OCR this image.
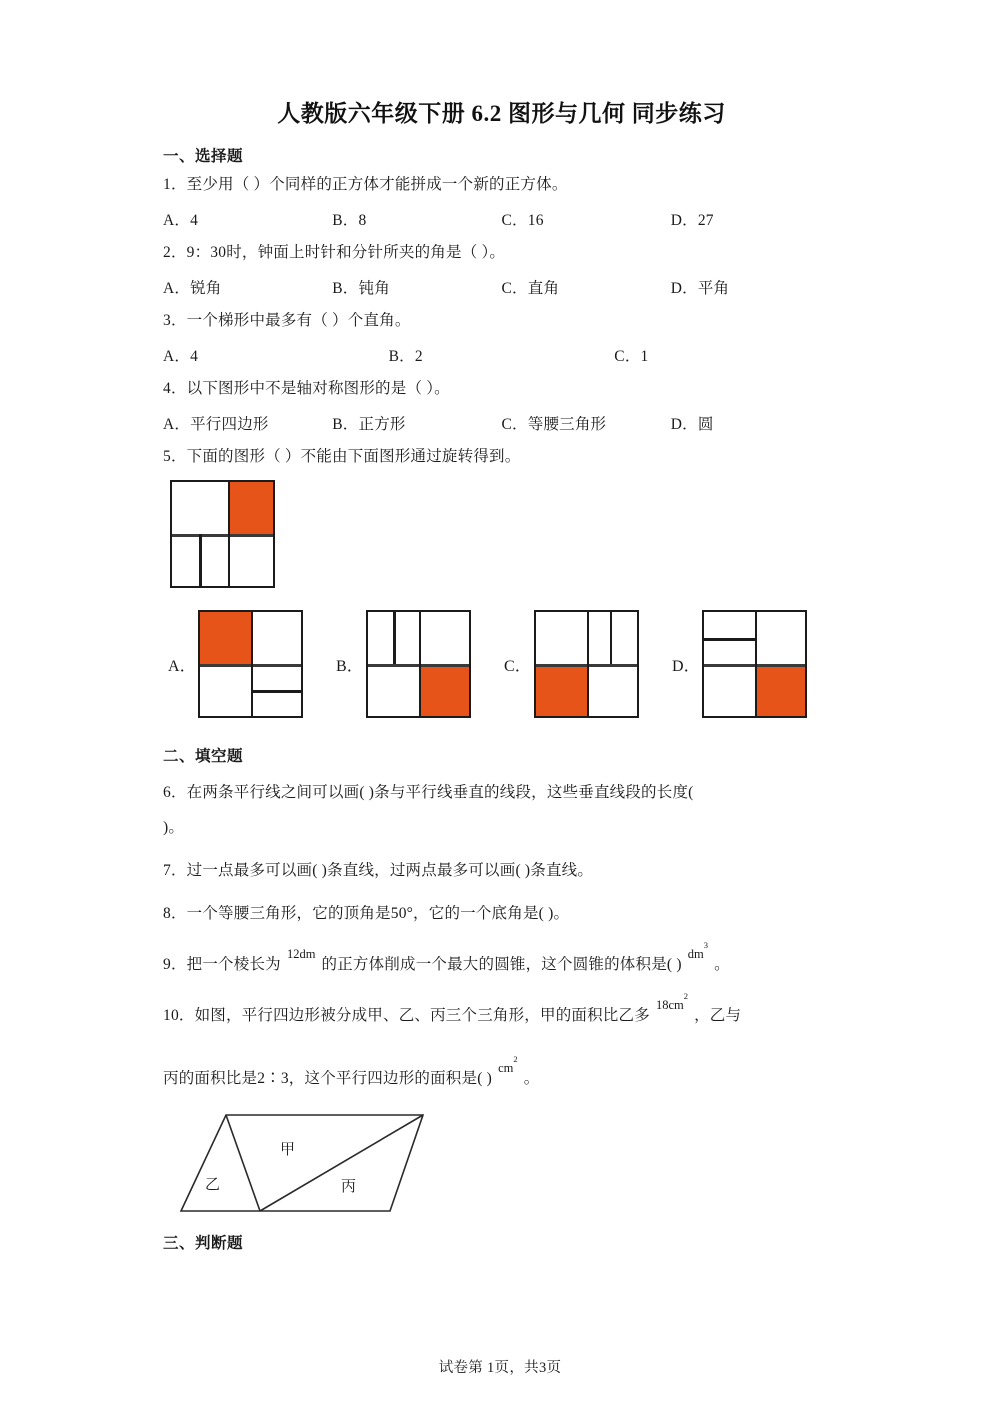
人教版六年级下册 6.2 图形与几何 同步练习
一、选择题
1．至少用（ ）个同样的正方体才能拼成一个新的正方体。
A．4	B．8	C．16	D．27
2．9：30时，钟面上时针和分针所夹的角是（ ）。
A．锐角	B．钝角	C．直角	D．平角
3．一个梯形中最多有（ ）个直角。
A．4	B．2	C．1
4．以下图形中不是轴对称图形的是（ ）。
A．平行四边形	B．正方形	C．等腰三角形	D．圆
5．下面的图形（ ）不能由下面图形通过旋转得到。
A．	B．	C．	D．
二、填空题
6．在两条平行线之间可以画( )条与平行线垂直的线段，这些垂直线段的长度(
)。
7．过一点最多可以画( )条直线，过两点最多可以画( )条直线。
8．一个等腰三角形，它的顶角是50°，它的一个底角是( )。
9．把一个棱长为 12dm 的正方体削成一个最大的圆锥，这个圆锥的体积是( ) $dm^3$ 。
10．如图，平行四边形被分成甲、乙、丙三个三角形，甲的面积比乙多 $18cm^2$ ，乙与
丙的面积比是2∶3，这个平行四边形的面积是( ) $cm^2$ 。
甲
乙	丙
三、判断题
试卷第 1页，共3页
